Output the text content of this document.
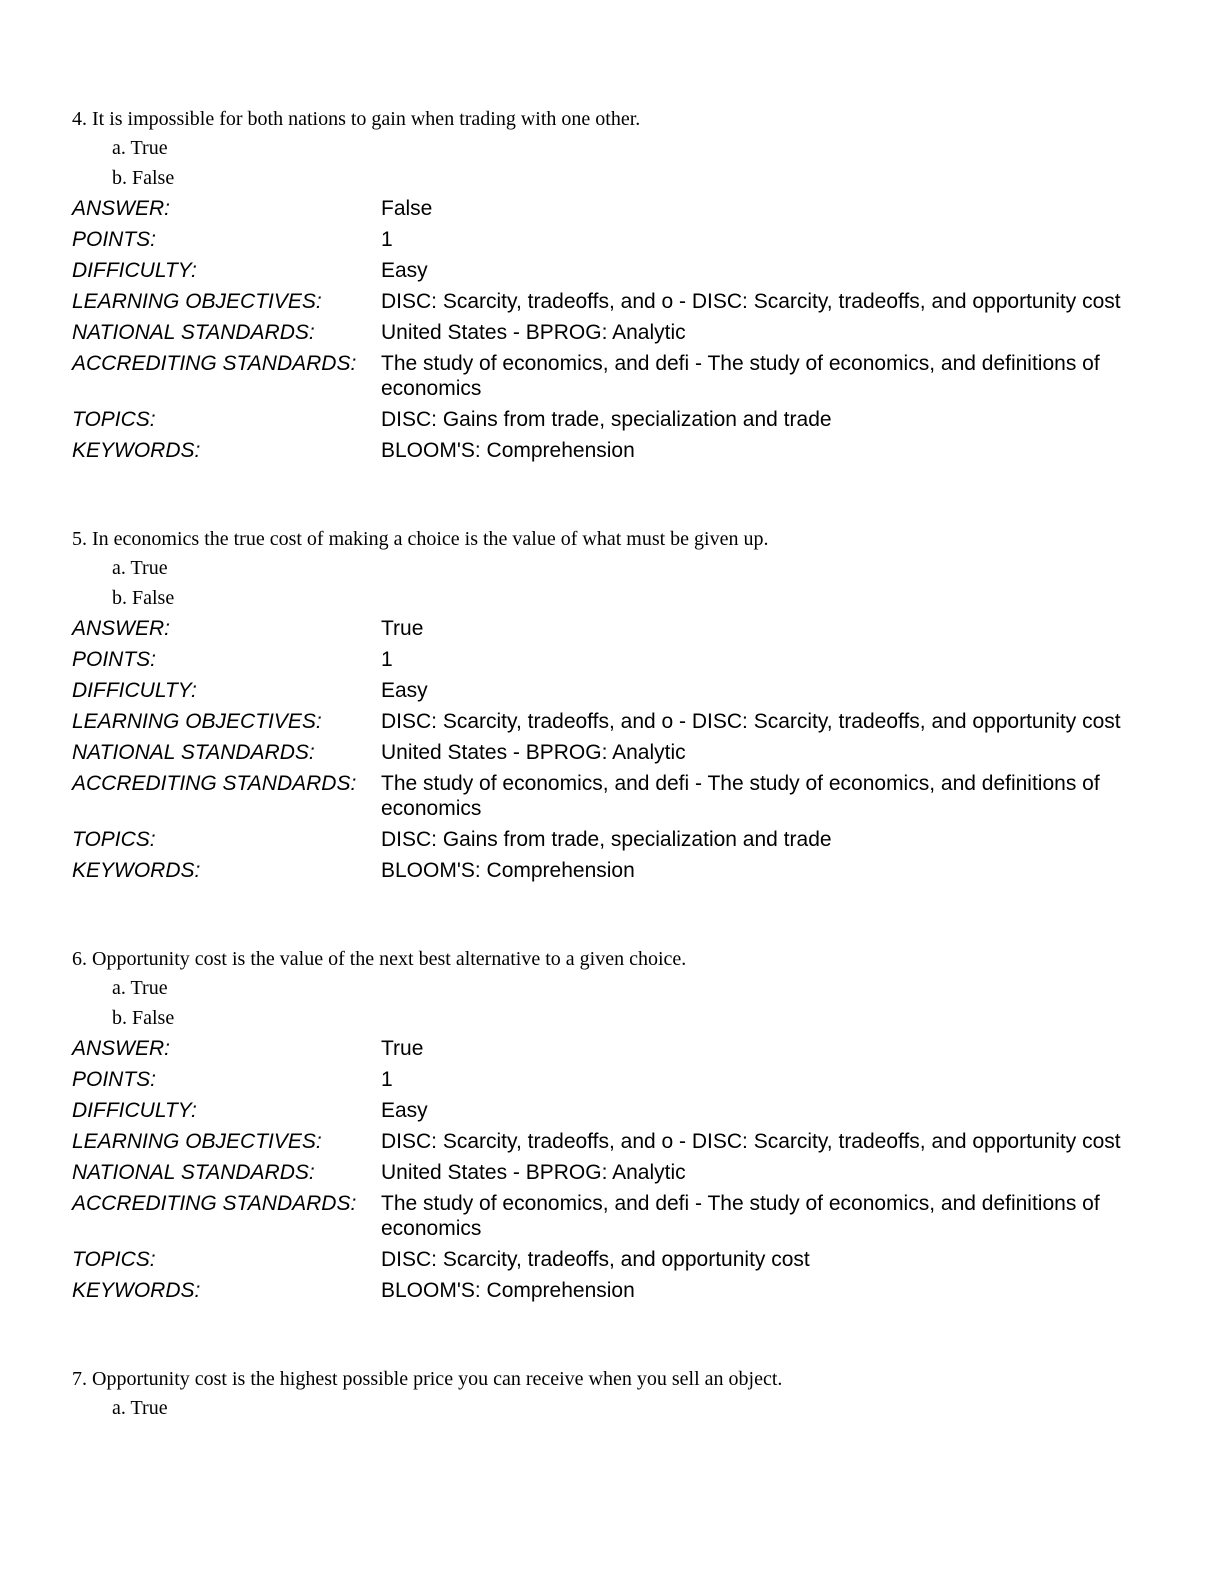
4. It is impossible for both nations to gain when trading with one other.

a. True

b. False

ANSWER:	False
POINTS:	1
DIFFICULTY:	Easy
LEARNING OBJECTIVES:	DISC: Scarcity, tradeoffs, and o - DISC: Scarcity, tradeoffs, and opportunity cost
NATIONAL STANDARDS:	United States - BPROG: Analytic
ACCREDITING STANDARDS:	The study of economics, and defi - The study of economics, and definitions of economics
TOPICS:	DISC: Gains from trade, specialization and trade
KEYWORDS:	BLOOM'S: Comprehension

5. In economics the true cost of making a choice is the value of what must be given up.

a. True

b. False

ANSWER:	True
POINTS:	1
DIFFICULTY:	Easy
LEARNING OBJECTIVES:	DISC: Scarcity, tradeoffs, and o - DISC: Scarcity, tradeoffs, and opportunity cost
NATIONAL STANDARDS:	United States - BPROG: Analytic
ACCREDITING STANDARDS:	The study of economics, and defi - The study of economics, and definitions of economics
TOPICS:	DISC: Gains from trade, specialization and trade
KEYWORDS:	BLOOM'S: Comprehension

6. Opportunity cost is the value of the next best alternative to a given choice.

a. True

b. False

ANSWER:	True
POINTS:	1
DIFFICULTY:	Easy
LEARNING OBJECTIVES:	DISC: Scarcity, tradeoffs, and o - DISC: Scarcity, tradeoffs, and opportunity cost
NATIONAL STANDARDS:	United States - BPROG: Analytic
ACCREDITING STANDARDS:	The study of economics, and defi - The study of economics, and definitions of economics
TOPICS:	DISC: Scarcity, tradeoffs, and opportunity cost
KEYWORDS:	BLOOM'S: Comprehension

7. Opportunity cost is the highest possible price you can receive when you sell an object.

a. True
